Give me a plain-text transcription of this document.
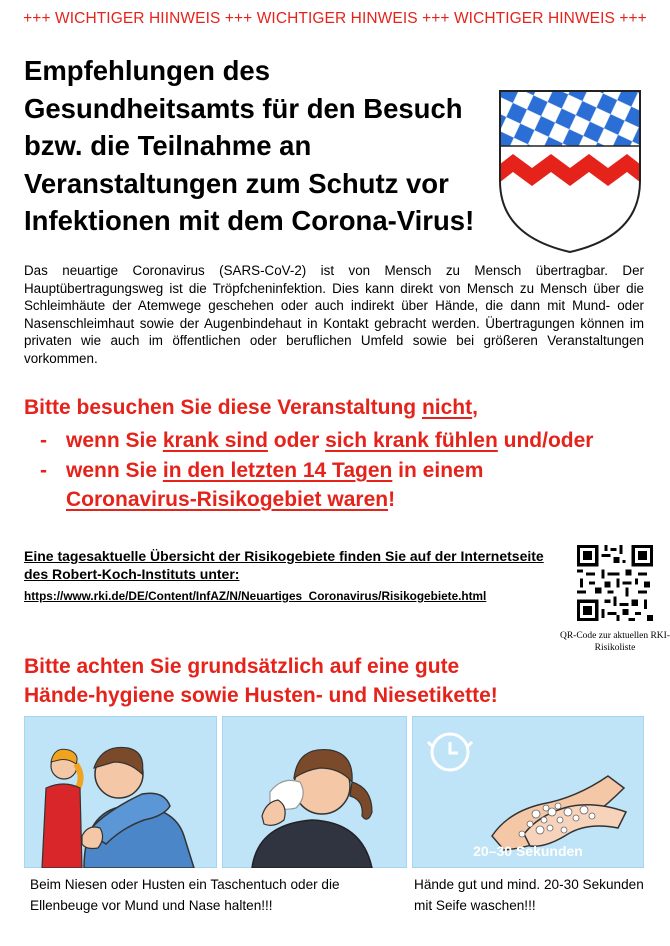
+++ WICHTIGER HIINWEIS +++ WICHTIGER HINWEIS +++ WICHTIGER HINWEIS +++
Empfehlungen des Gesundheitsamts für den Besuch bzw. die Teilnahme an Veranstaltungen zum Schutz vor Infektionen mit dem Corona-Virus!
Das neuartige Coronavirus (SARS-CoV-2) ist von Mensch zu Mensch übertragbar. Der Hauptübertragungsweg ist die Tröpfcheninfektion. Dies kann direkt von Mensch zu Mensch über die Schleimhäute der Atemwege geschehen oder auch indirekt über Hände, die dann mit Mund- oder Nasenschleimhaut sowie der Augenbindehaut in Kontakt gebracht werden. Übertragungen können im privaten wie auch im öffentlichen oder beruflichen Umfeld sowie bei größeren Veranstaltungen vorkommen.
Bitte besuchen Sie diese Veranstaltung nicht,
- wenn Sie krank sind oder sich krank fühlen und/oder
- wenn Sie in den letzten 14 Tagen in einem
Coronavirus-Risikogebiet waren!
Eine tagesaktuelle Übersicht der Risikogebiete finden Sie auf der Internetseite des Robert-Koch-Instituts unter:
https://www.rki.de/DE/Content/InfAZ/N/Neuartiges_Coronavirus/Risikogebiete.html
QR-Code zur aktuellen RKI-Risikoliste
Bitte achten Sie grundsätzlich auf eine gute
Hände-hygiene sowie Husten- und Niesetikette!
20–30 Sekunden
Beim Niesen oder Husten ein Taschentuch oder die Ellenbeuge vor Mund und Nase halten!!!
Hände gut und mind. 20-30 Sekunden mit Seife waschen!!!
